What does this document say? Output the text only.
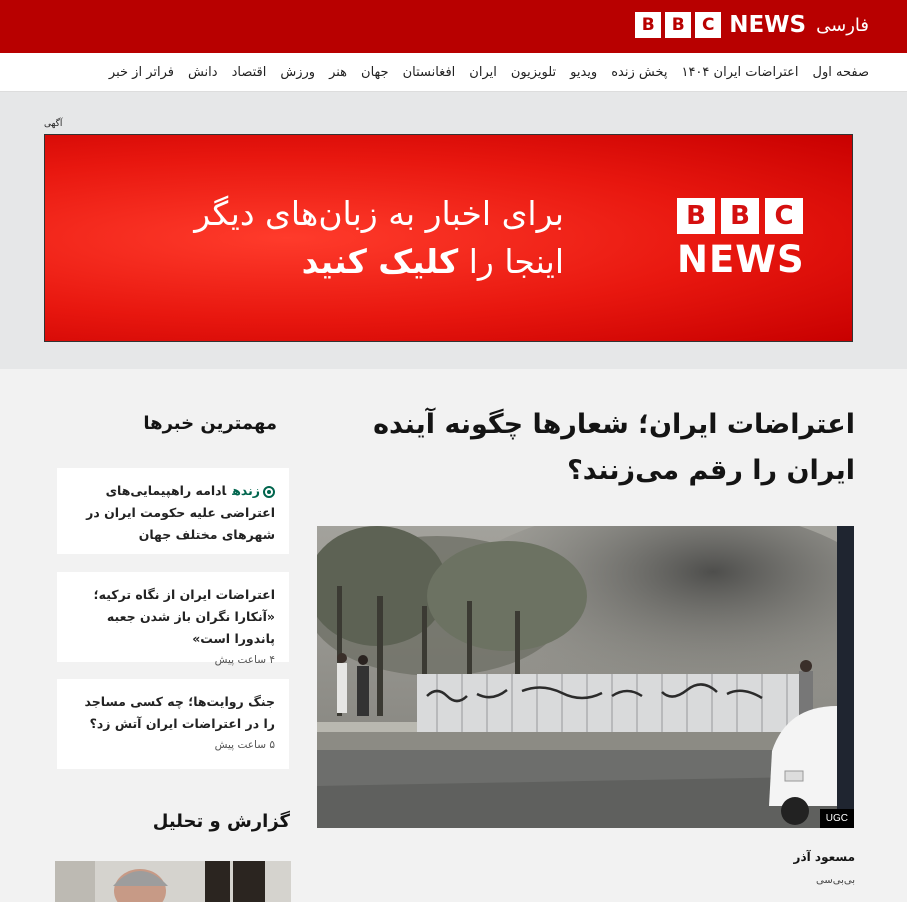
B	B	C NEWS فارسی
صفحه اول
اعتراضات ایران ۱۴۰۴
پخش زنده
ویدیو
تلویزیون
ایران
افغانستان
جهان
هنر
ورزش
اقتصاد
دانش
فراتر از خبر
آگهی
برای اخبار به زبان‌های دیگر
اینجا را کلیک کنید
B B C
NEWS
اعتراضات ایران؛ شعارها چگونه آینده ایران را رقم می‌زنند؟
UGC
مسعود آذر
بی‌بی‌سی
مهمترین خبرها
زندهادامه راهپیمایی‌های اعتراضی علیه حکومت ایران در شهرهای مختلف جهان
اعتراضات ایران از نگاه ترکیه؛ «آنکارا نگران باز شدن جعبه پاندورا است»
۴ ساعت پیش
جنگ روایت‌ها؛ چه کسی مساجد را در اعتراضات ایران آتش زد؟
۵ ساعت پیش
گزارش و تحلیل
